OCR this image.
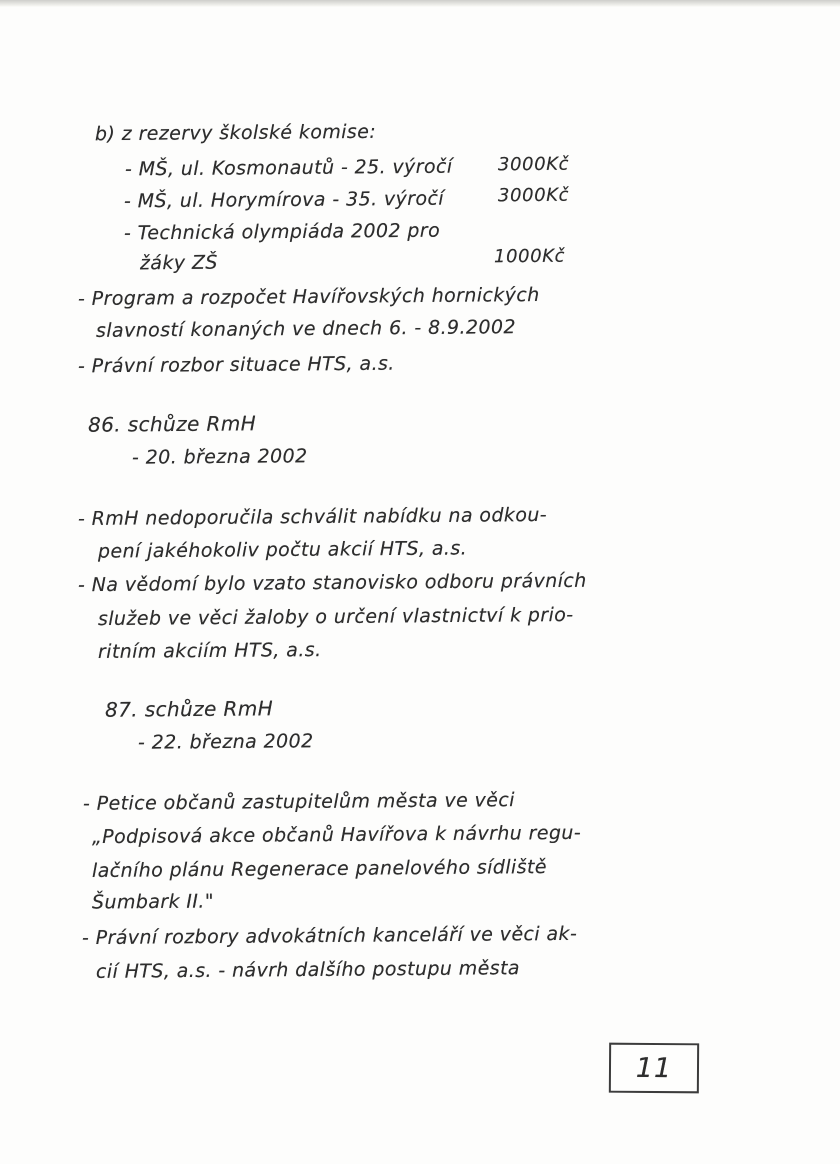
b) z rezervy školské komise:
- MŠ, ul. Kosmonautů - 25. výročí	3000Kč
- MŠ, ul. Horymírova - 35. výročí	3000Kč
- Technická olympiáda 2002 pro
žáky ZŠ	1000Kč
- Program a rozpočet Havířovských hornických
slavností konaných ve dnech 6. - 8.9.2002
- Právní rozbor situace HTS, a.s.
86. schůze RmH
- 20. března 2002
- RmH nedoporučila schválit nabídku na odkou-
pení jakéhokoliv počtu akcií HTS, a.s.
- Na vědomí bylo vzato stanovisko odboru právních
služeb ve věci žaloby o určení vlastnictví k prio-
ritním akciím HTS, a.s.
87. schůze RmH
- 22. března 2002
- Petice občanů zastupitelům města ve věci
„Podpisová akce občanů Havířova k návrhu regu-
lačního plánu Regenerace panelového sídliště
Šumbark II."
- Právní rozbory advokátních kanceláří ve věci ak-
cií HTS, a.s. - návrh dalšího postupu města
11
